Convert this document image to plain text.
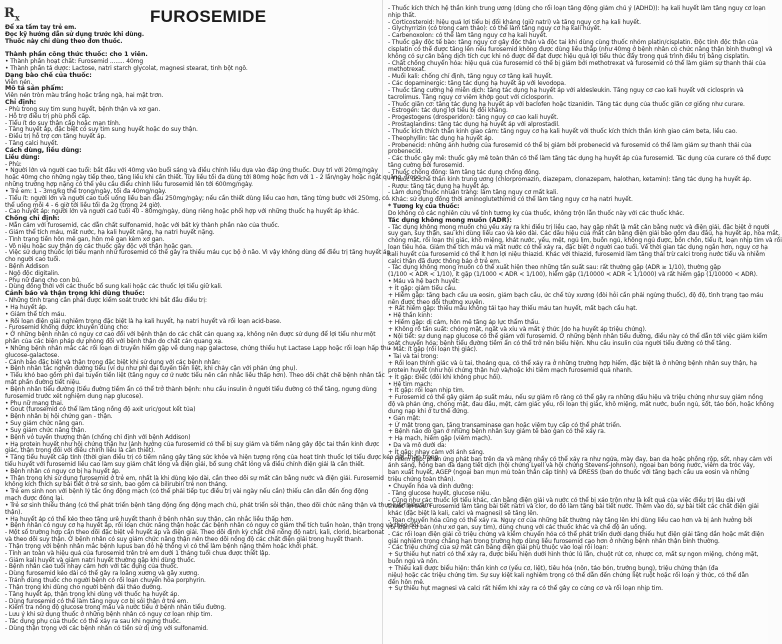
$R_x$	FUROSEMIDE
Để xa tầm tay trẻ em.
Đọc kỹ hướng dẫn sử dụng trước khi dùng.
Thuốc này chỉ dùng theo đơn thuốc.

Thành phần công thức thuốc: cho 1 viên.
• Thành phần hoạt chất: Furosemid ........ 40mg
• Thành phần tá dược: Lactose, natri starch glycolat, magnesi stearat, tinh bột ngô.
Dạng bào chế của thuốc:
Viên nén.
Mô tả sản phẩm:
Viên nén tròn màu trắng hoặc trắng ngà, hai mặt trơn.
Chỉ định:
- Phù trong suy tim sung huyết, bệnh thận và xơ gan.
- Hỗ trợ điều trị phù phổi cấp.
- Tiểu ít do suy thận cấp hoặc mạn tính.
- Tăng huyết áp, đặc biệt có suy tim sung huyết hoặc do suy thận.
- Điều trị hỗ trợ cơn tăng huyết áp.
- Tăng calci huyết.
Cách dùng, liều dùng:
Liều dùng:
- Phù:
• Người lớn và người cao tuổi: bắt đầu với 40mg vào buổi sáng và điều chỉnh liều dựa vào đáp ứng thuốc. Duy trì với 20mg/ngày
hoặc 40mg cho những ngày tiếp theo, tăng liều khi cần thiết. Tùy liều tối đa dùng tới 80mg hoặc hơn với 1 - 2 lần/ngày hoặc ngắt quãng. Trong
những trường hợp nặng có thể yêu cầu điều chỉnh liều furosemid lên tới 600mg/ngày.
• Trẻ em: 1 - 3mg/kg thể trọng/ngày, tối đa 40mg/ngày.
- Tiểu ít: người lớn và người cao tuổi uống liều ban đầu 250mg/ngày; nếu cần thiết dùng liều cao hơn, tăng từng bước với 250mg, có
thể uống mỗi 4 - 6 giờ tới liều tối đa 2g (trong 24 giờ).
- Cao huyết áp: người lớn và người cao tuổi 40 - 80mg/ngày, dùng riêng hoặc phối hợp với những thuốc hạ huyết áp khác.
Chống chỉ định:
- Mẫn cảm với furosemid, các dẫn chất sulfonamid, hoặc với bất kỳ thành phần nào của thuốc.
- Giảm thể tích máu, mất nước, hạ kali huyết nặng, hạ natri huyết nặng.
- Tình trạng tiền hôn mê gan, hôn mê gan kèm xơ gan.
- Vô niệu hoặc suy thận do các thuốc gây độc với thận hoặc gan.
- Việc sử dụng thuốc lợi tiểu mạnh như furosemid có thể gây ra thiếu máu cục bộ ở não. Vì vậy không dùng để điều trị tăng huyết áp
cho người cao tuổi.
- Bệnh Addison
- Ngộ độc digitalin.
- Phụ nữ đang cho con bú.
- Dùng đồng thời với các thuốc bổ sung kali hoặc các thuốc lợi tiểu giữ kali.
Cảnh báo và thận trọng khi dùng thuốc:
- Những tình trạng cần phải được kiểm soát trước khi bắt đầu điều trị:
• Hạ huyết áp.
• Giảm thể tích máu.
• Rối loạn điện giải nghiêm trọng đặc biệt là hạ kali huyết, hạ natri huyết và rối loạn acid-base.
- Furosemid không được khuyến dùng cho:
• Ở những bệnh nhân có nguy cơ cao đối với bệnh thận do các chất cản quang xạ, không nên được sử dụng để lợi tiểu như một
phần của các biện pháp dự phòng đối với bệnh thận do chất cản quang xạ.
• Những bệnh nhân mắc các rối loạn di truyền hiếm gặp về dung nạp galactose, chứng thiếu hụt Lactase Lapp hoặc rối loạn hấp thu
glucose-galactose.
- Cảnh báo đặc biệt và thận trọng đặc biệt khi sử dụng với các bệnh nhân:
• Bệnh nhân tắc nghẽn đường tiểu (ví dụ như phì đại tuyến tiền liệt, khi chảy cặn với phản ứng phụ).
• Tiểu khó bao gồm phì đại tuyến tiền liệt (tăng nguy cơ ứ nước tiểu nên cần nhắc liều thấp hơn). Theo dõi chặt chẽ bệnh nhân tắc
mật phần đường tiết niệu.
• Bệnh nhân tiểu đường (tiểu đường tiềm ẩn có thể trở thành bệnh: nhu cầu insulin ở người tiểu đường có thể tăng, ngưng dùng
furosemid trước xét nghiệm dung nạp glucose).
• Phụ nữ mang thai.
• Gout (furosemid có thể làm tăng nồng độ axit uric/gout kết tủa)
• Bệnh nhân bị hội chứng gan - thận.
• Suy giảm chức năng gan.
• Suy giảm chức năng thận.
• Bệnh vỏ tuyến thượng thận (chống chỉ định với bệnh Addison)
• Hạ protein huyết như hội chứng thận hư (ảnh hưởng của furosemid có thể bị suy giảm và tiềm năng gây độc tai thần kinh được
giác, thận trọng đối với điều chỉnh liều là cần thiết).
• Tăng tiểu huyết cấp tính (thời gian điều trị có tiềm năng gây tăng sức khỏe và hiện tượng rộng của hoạt tính thuốc lợi tiểu được kéo dài, thận trọng
tiểu huyết với furosemid liều cao làm suy giảm chất lỏng và điện giải, bổ sung chất lỏng và điều chỉnh điện giải là cần thiết.
• Bệnh nhân có nguy cơ bị hạ huyết áp.
• Thận trọng khi sử dụng furosemid ở trẻ em, nhất là khi dùng kéo dài, cần theo dõi sự mất cân bằng nước và điện giải. Furosemid
không kích thích sự bài tiết ở trẻ sơ sinh, bao gồm cả bilirubin trẻ non tháng.
• Trẻ em sinh non với bệnh lý tắc ống động mạch (có thể phải tiếp tục điều trị vài ngày nếu cần) thiếu cân dẫn đến ống động
mạch được đóng lại.
• Trẻ sơ sinh thiếu tháng (có thể phát triển bệnh tăng động ống động mạch chủ, phát triển sỏi thận, theo dõi chức năng thận và thực hiện siêu âm
thận).
• Hạ huyết áp có thể kéo theo tăng urê huyết thanh ở bệnh nhân suy thận, cân nhắc liều thấp hơn.
• Bệnh nhân có nguy cơ hạ huyết áp, rối loạn chức năng thận hoặc các bệnh nhân có nguy cơ giảm thể tích tuần hoàn, thận trọng và theo dõi.
- Một số trường hợp cần theo dõi đặc biệt về huyết áp và điện giải. Theo dõi định kỳ chặt chẽ nồng độ natri, kali, clorid, bicarbonat
và theo dõi suy thận. Ở bệnh nhân có suy giảm chức năng thận nên theo dõi nồng độ các chất điện giải trong huyết thanh.
- Thận trọng với bệnh nhân mắc bệnh lupus ban đỏ hệ thống vì có thể làm bệnh nặng thêm hoặc khởi phát.
- Tính an toàn và hiệu quả của furosemid trên trẻ em dưới 1 tháng tuổi chưa được thiết lập.
- Giảm kali huyết và giảm natri huyết thường gặp khi dùng thuốc.
- Bệnh nhân cao tuổi nhạy cảm hơn với tác dụng của thuốc.
- Dùng furosemid kéo dài có thể gây ra loãng xương và gãy xương.
- Tránh dùng thuốc cho người bệnh có rối loạn chuyển hóa porphyrin.
- Thận trọng khi dùng cho người bệnh đái tháo đường.
- Tăng huyết áp, thận trọng khi dùng với thuốc hạ huyết áp.
- Dùng furosemid có thể làm tăng nguy cơ bị sỏi thận ở trẻ em.
- Kiểm tra nồng độ glucose trong máu và nước tiểu ở bệnh nhân tiểu đường.
- Lưu ý khi sử dụng thuốc ở những bệnh nhân có nguy cơ loạn nhịp tim.
- Tác dụng phụ của thuốc có thể xảy ra sau khi ngưng thuốc.
- Dùng thận trọng với các bệnh nhân có tiền sử dị ứng với sulfonamid.
- Thuốc kích thích hệ thần kinh trung ương (dùng cho rối loạn tăng động giảm chú ý (ADHD)): hạ kali huyết làm tăng nguy cơ loạn
nhịp thất.
- Corticosteroid: hiệu quả lợi tiểu bị đối kháng (giữ natri) và tăng nguy cơ hạ kali huyết.
- Glychyrrizin (có trong cam thảo): có thể làm tăng nguy cơ hạ kali huyết.
- Carbenoxolon: có thể làm tăng nguy cơ hạ kali huyết.
- Thuốc gây độc tế bào: tăng nguy cơ gây độc thận và độc tai khi dùng cùng thuốc nhóm platin/cisplatin. Độc tính độc thận của
cisplatin có thể được tăng lên nếu furosemid không được dùng liều thấp (như 40mg ở bệnh nhân có chức năng thận bình thường) và
không có sự cân bằng dịch tích cực khi nó được để đạt được hiệu quả lợi tiểu thúc đẩy trong quá trình điều trị bằng cisplatin.
- Chất chống chuyển hóa: hiệu quả của furosemid có thể bị giảm bởi methotrexat và furosemid có thể làm giảm sự thanh thải của
methotrexat.
- Muối kali: chống chỉ định, tăng nguy cơ tăng kali huyết.
- Các dopaminergic: tăng tác dụng hạ huyết áp với levodopa.
- Thuốc tăng cường hệ miễn dịch: tăng tác dụng hạ huyết áp với aldesleukin. Tăng nguy cơ cao kali huyết với ciclosprin và
tacrolimus. Tăng nguy cơ viêm khớp gout với ciclosporin.
- Thuốc giãn cơ: tăng tác dụng hạ huyết áp với baclofen hoặc tizanidin. Tăng tác dụng của thuốc giãn cơ giống như curare.
- Estrogen: tác dụng lợi tiểu bị đối kháng.
- Progestogens (drosperidon): tăng nguy cơ cao kali huyết.
- Prostaglandins: tăng tác dụng hạ huyết áp với alprostadil.
- Thuốc kích thích thần kinh giao cảm: tăng nguy cơ hạ kali huyết với thuốc kích thích thần kinh giao cảm beta, liều cao.
- Theophyllin: tác dụng hạ huyết áp.
- Probenecid: những ảnh hưởng của furosemid có thể bị giảm bởi probenecid và furosemid có thể làm giảm sự thanh thải của
probenecid.
- Các thuốc gây mê: thuốc gây mê toàn thân có thể làm tăng tác dụng hạ huyết áp của furosemid. Tác dụng của curare có thể được
tăng cường bởi furosemid.
- Thuốc chống đông: làm tăng tác dụng chống đông.
- Thuốc ức chế thần kinh trung ương (chlorpromazin, diazepam, clonazepam, halothan, ketamin): tăng tác dụng hạ huyết áp.
- Rượu: tăng tác dụng hạ huyết áp.
- Làm dung thuốc nhuận tràng: làm tăng nguy cơ mất kali.
- Khác: sử dụng đồng thời aminoglutethimid có thể làm tăng nguy cơ hạ natri huyết.
* Tương kỵ của thuốc:
Do không có các nghiên cứu về tính tương kỵ của thuốc, không trộn lẫn thuốc này với các thuốc khác.
Tác dụng không mong muốn (ADR):
- Tác dụng không mong muốn chủ yếu xảy ra khi điều trị liều cao, hay gặp nhất là mất cân bằng nước và điện giải, đặc biệt ở người
suy gan, suy thận, sau khi dùng liều cao và kéo dài. Các dấu hiệu của mất cân bằng điện giải bao gồm đau đầu, hạ huyết áp, hoa mắt,
chóng mặt, rối loạn thị giác, khô miệng, khát nước, yếu, mệt, ngủ lịm, buồn ngủ, không ngủ được, bồn chồn, tiểu ít, loạn nhịp tim và rối
loạn tiêu hóa. Giảm thể tích máu và mất nước có thể xảy ra, đặc biệt ở người cao tuổi. Về thời gian tác dụng ngắn hơn, nguy cơ hạ
kali huyết của furosemid có thể ít hơn lợi niệu thiazid. Khác với thiazid, furosemid làm tăng thải trừ calci trong nước tiểu và nhiễm
calci thận đã được thông báo ở trẻ em.
- Tác dụng không mong muốn có thể xuất hiện theo những tần suất sau: rất thường gặp (ADR ≥ 1/10), thường gặp
(1/100 < ADR < 1/10), ít gặp (1/1000 < ADR < 1/100), hiếm gặp (1/10000 < ADR < 1/1000) và rất hiếm gặp (1/10000 < ADR).
• Máu và hệ bạch huyết:
+ Ít gặp: giảm tiểu cầu.
+ Hiếm gặp: tăng bạch cầu ưa eosin, giảm bạch cầu, ức chế tủy xương (đòi hỏi cần phải ngừng thuốc), độ độ, tình trạng tạo máu
nên được theo dõi thường xuyên.
+ Rất hiếm gặp: thiếu máu không tái tạo hay thiếu máu tan huyết, mất bạch cầu hạt.
• Hệ thần kinh:
+ Hiếm gặp: dị cảm, hôn mê tăng áp lực thẩm thấu.
+ Không rõ tần suất: chóng mặt, ngất và xỉu và mất ý thức (do hạ huyết áp triệu chứng).
• Nội tiết: sự dung nạp glucose có thể giảm với furosemid. Ở những bệnh nhân tiểu đường, điều này có thể dẫn tới việc giảm kiểm
soát chuyển hóa; bệnh tiểu đường tiềm ẩn có thể trở nên biểu hiện. Nhu cầu insulin của người tiểu đường có thể tăng.
• Mắt: ít gặp (rối loạn thị giác).
• Tai và tai trong:
+ Rối loạn thính giác và ù tai, thoáng qua, có thể xảy ra ở những trường hợp hiếm, đặc biệt là ở những bệnh nhân suy thận, hạ
protein huyết (như hội chứng thận hư) và/hoặc khi tiêm mạch furosemid quá nhanh.
+ Ít gặp: Điếc (đôi khi không phục hồi).
• Hệ tim mạch:
+ Ít gặp: rối loạn nhịp tim.
+ Furosemid có thể gây giảm áp suất máu, nếu sự giảm rõ ràng có thể gây ra những dấu hiệu và triệu chứng như suy giảm nồng
độ và phản ứng, chóng mặt, đau đầu, mệt, cảm giác yếu, rối loạn thị giác, khô miệng, mất nước, buồn ngủ, sốt, táo bón, hoặc không
dung nạp khi ở tư thế đứng.
• Gan mật:
+ Ứ mật trong gan, tăng transaminase gan hoặc viêm tụy cấp có thể phát triển.
+ Bệnh não do gan ở những bệnh nhân suy giảm tế bào gan có thể xảy ra.
+ Hạ mạch, hiếm gặp (viêm mạch).
• Da và mô dưới da:
+ Ít gặp: nhạy cảm với ánh sáng.
+ Hiếm gặp: phản ứng phát ban trên da và màng nhầy có thể xảy ra như ngứa, mày đay, ban da hoặc phồng rộp, sốt, nhạy cảm với
ánh sáng, hồng ban đa dạng tiết dịch (hội chứng Lyell và hội chứng Stevens-Johnson), ngoại ban bóng nước, viêm da tróc vảy,
ban xuất huyết, AGEP (ngoại ban mụn mủ toàn thân cấp tính) và DRESS (ban do thuốc với tăng bạch cầu ưa eosin và những
triệu chứng toàn thân).
• Chuyển hóa và dinh dưỡng:
- Tăng glucose huyết, glucose niệu.
- Cũng như các thuốc lợi tiểu khác, cân bằng điện giải và nước có thể bị xáo trộn như là kết quả của việc điều trị lâu dài với
thuốc lợi tiểu. Furosemid làm tăng bài tiết natri và clor, do đó làm tăng bài tiết nước. Thêm vào đó, sự bài tiết các chất điện giải
khác (đặc biệt là kali, calci và magnesi) sẽ tăng lên.
- Toan chuyển hóa cũng có thể xảy ra. Nguy cơ của những bất thường này tăng lên khi dùng liều cao hơn và bị ảnh hưởng bởi
rối loạn cơ bản (như xơ gan, suy tim), dùng chung với các thuốc khác và chế độ ăn uống.
- Các rối loạn điện giải có triệu chứng và kiềm chuyển hóa có thể phát triển dưới dạng thiếu hụt điện giải tăng dần hoặc mất điện
giải nghiêm trọng chẳng hạn trong trường hợp dùng liều furosemid cao hơn ở những bệnh nhân thận bình thường.
- Các triệu chứng của sự mất cân bằng điện giải phụ thuộc vào loại rối loạn:
+ Sự thiếu hụt natri có thể xảy ra, được biểu hiện dưới hình thức lú lẫn, chuột rút cơ, nhược cơ, mất sự ngon miệng, chóng mặt,
buồn ngủ và nôn.
+ Thiếu kali được biểu hiện: thần kinh cơ (yếu cơ, liệt), tiêu hóa (nôn, táo bón, trướng bụng), triệu chứng thận (đa
niệu) hoặc các triệu chứng tim. Sự suy kiệt kali nghiêm trọng có thể dẫn đến chứng liệt ruột hoặc rối loạn ý thức, có thể dẫn
đến hôn mê.
+ Sự thiếu hụt magnesi và calci rất hiếm khi xảy ra có thể gây co cứng cơ và rối loạn nhịp tim.
